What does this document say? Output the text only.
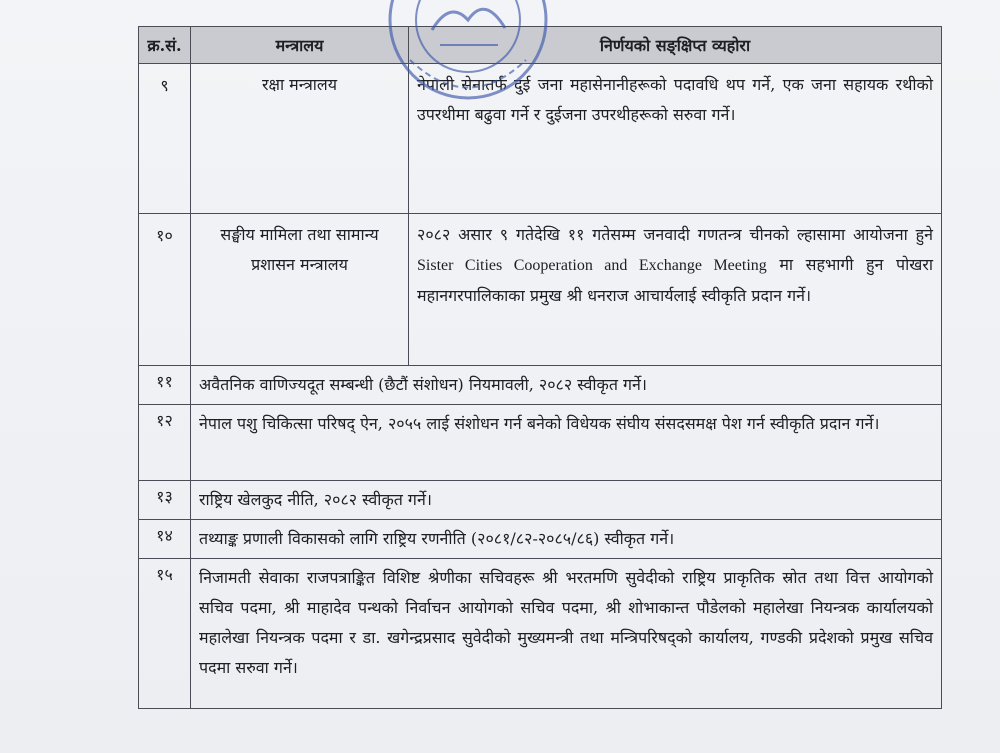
क्र.सं.	मन्त्रालय	निर्णयको सङ्क्षिप्त व्यहोरा
९	रक्षा मन्त्रालय	नेपाली सेनातर्फ दुई जना महासेनानीहरूको पदावधि थप गर्ने, एक जना सहायक रथीको उपरथीमा बढुवा गर्ने र दुईजना उपरथीहरूको सरुवा गर्ने।
१०	सङ्घीय मामिला तथा सामान्य प्रशासन मन्त्रालय	२०८२ असार ९ गतेदेखि ११ गतेसम्म जनवादी गणतन्त्र चीनको ल्हासामा आयोजना हुने Sister Cities Cooperation and Exchange Meeting मा सहभागी हुन पोखरा महानगरपालिकाका प्रमुख श्री धनराज आचार्यलाई स्वीकृति प्रदान गर्ने।
११	अवैतनिक वाणिज्यदूत सम्बन्धी (छैटौं संशोधन) नियमावली, २०८२ स्वीकृत गर्ने।	
१२	नेपाल पशु चिकित्सा परिषद् ऐन, २०५५ लाई संशोधन गर्न बनेको विधेयक संघीय संसदसमक्ष पेश गर्न स्वीकृति प्रदान गर्ने।	
१३	राष्ट्रिय खेलकुद नीति, २०८२ स्वीकृत गर्ने।	
१४	तथ्याङ्क प्रणाली विकासको लागि राष्ट्रिय रणनीति (२०८१/८२-२०८५/८६) स्वीकृत गर्ने।	
१५	निजामती सेवाका राजपत्राङ्कित विशिष्ट श्रेणीका सचिवहरू श्री भरतमणि सुवेदीको राष्ट्रिय प्राकृतिक स्रोत तथा वित्त आयोगको सचिव पदमा, श्री माहादेव पन्थको निर्वाचन आयोगको सचिव पदमा, श्री शोभाकान्त पौडेलको महालेखा नियन्त्रक कार्यालयको महालेखा नियन्त्रक पदमा र डा. खगेन्द्रप्रसाद सुवेदीको मुख्यमन्त्री तथा मन्त्रिपरिषद्को कार्यालय, गण्डकी प्रदेशको प्रमुख सचिव पदमा सरुवा गर्ने।	
